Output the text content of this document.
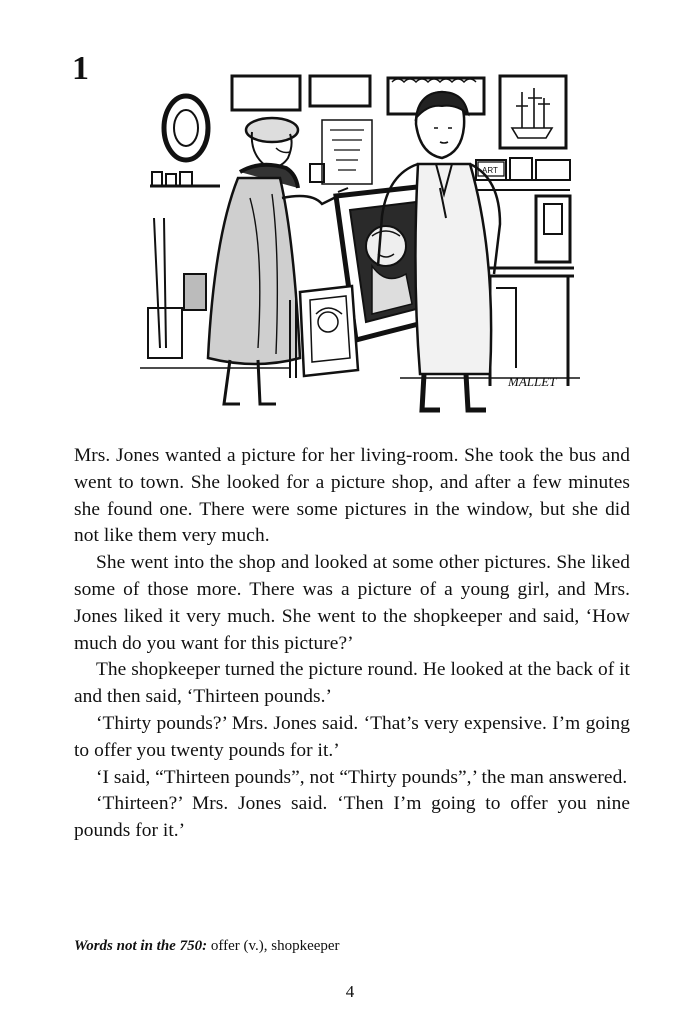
1
ART
MALLET

Mrs. Jones wanted a picture for her living-room. She took the bus and went to town. She looked for a picture shop, and after a few minutes she found one. There were some pictures in the window, but she did not like them very much.

She went into the shop and looked at some other pictures. She liked some of those more. There was a picture of a young girl, and Mrs. Jones liked it very much. She went to the shopkeeper and said, ‘How much do you want for this picture?’

The shopkeeper turned the picture round. He looked at the back of it and then said, ‘Thirteen pounds.’

‘Thirty pounds?’ Mrs. Jones said. ‘That’s very expensive. I’m going to offer you twenty pounds for it.’

‘I said, “Thirteen pounds”, not “Thirty pounds”,’ the man answered.

‘Thirteen?’ Mrs. Jones said. ‘Then I’m going to offer you nine pounds for it.’

Words not in the 750: offer (v.), shopkeeper
4
